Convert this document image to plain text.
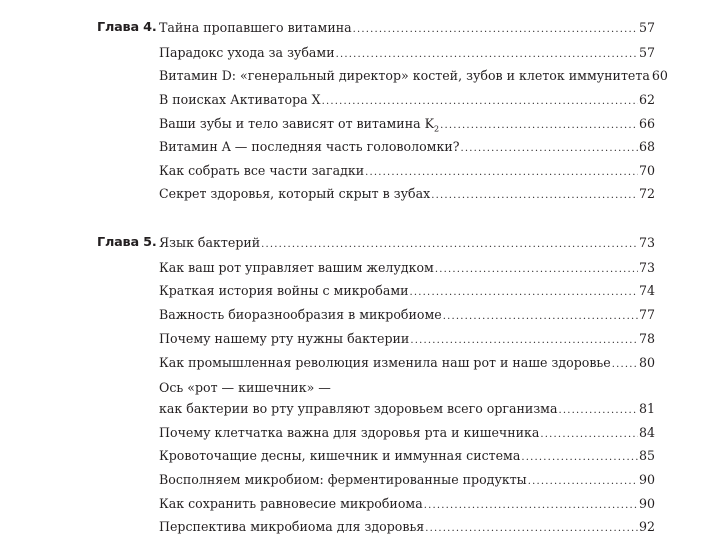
Глава 4. Тайна пропавшего витамина .....	57
Парадокс ухода за зубами .....	57
Витамин D: «генеральный директор» костей, зубов и клеток иммунитета 60
В поисках Активатора X .....	62
Ваши зубы и тело зависят от витамина $K_2$ .....	66
Витамин A — последняя часть головоломки? .....	68
Как собрать все части загадки .....	70
Секрет здоровья, который скрыт в зубах .....	72
Глава 5. Язык бактерий .....	73
Как ваш рот управляет вашим желудком .....	73
Краткая история войны с микробами .....	74
Важность биоразнообразия в микробиоме .....	77
Почему нашему рту нужны бактерии .....	78
Как промышленная революция изменила наш рот и наше здоровье ..... 80
Ось «рот — кишечник» —
как бактерии во рту управляют здоровьем всего организма .....	81
Почему клетчатка важна для здоровья рта и кишечника .....	84
Кровоточащие десны, кишечник и иммунная система .....	85
Восполняем микробиом: ферментированные продукты .....	90
Как сохранить равновесие микробиома .....	90
Перспектива микробиома для здоровья .....	92
